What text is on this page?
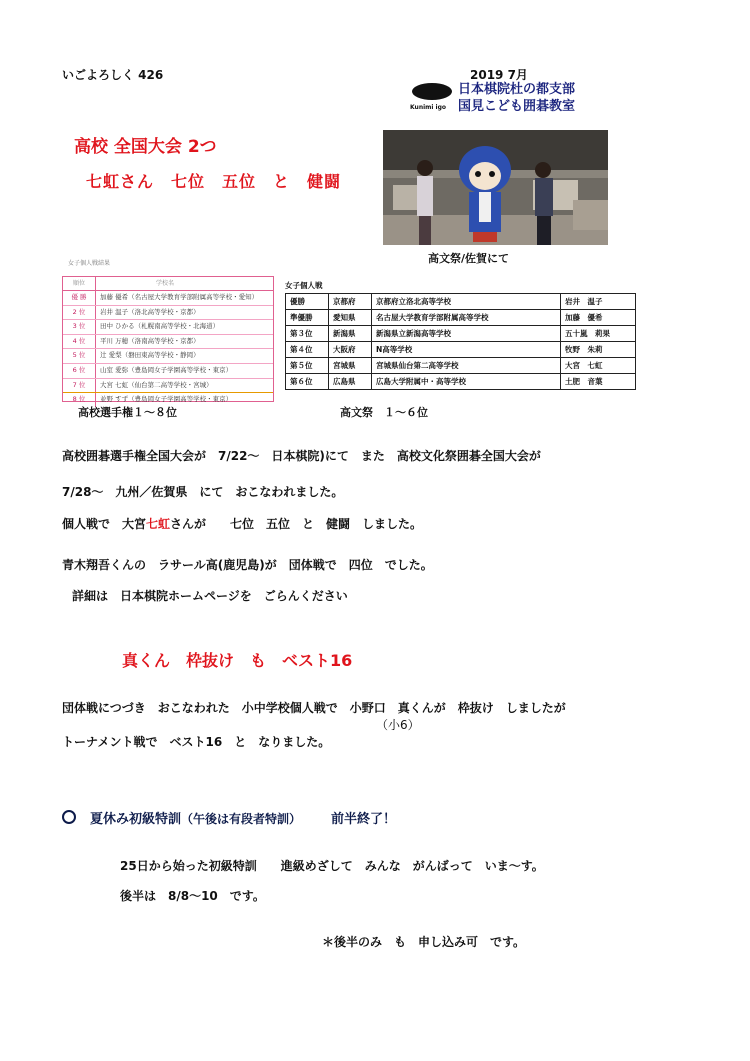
いごよろしく 426	2019 7月
Kunimi igo
日本棋院杜の都支部
国見こども囲碁教室
高校 全国大会 2つ
七虹さん　七位　五位　と　健闘
高文祭/佐賀にて
女子個人戦結果
順位	学校名
優 勝	加藤 優希（名古屋大学教育学部附属高等学校・愛知）
2 位	岩井 温子（洛北高等学校・京都）
3 位	田中 ひかる（札幌南高等学校・北海道）
4 位	平川 万穂（洛南高等学校・京都）
5 位	辻 愛梨（磐田東高等学校・静岡）
6 位	山室 愛弥（豊島岡女子学園高等学校・東京）
7 位	大宮 七虹（仙台第二高等学校・宮城）
8 位	並野 すず（豊島岡女子学園高等学校・東京）
高校選手権１～８位
女子個人戦
優勝	京都府	京都府立洛北高等学校	岩井　温子
準優勝	愛知県	名古屋大学教育学部附属高等学校	加藤　優希
第３位	新潟県	新潟県立新潟高等学校	五十嵐　莉果
第４位	大阪府	N高等学校	牧野　朱莉
第５位	宮城県	宮城県仙台第二高等学校	大宮　七虹
第６位	広島県	広島大学附属中・高等学校	土肥　音葉
高文祭　１～６位
高校囲碁選手権全国大会が　7/22～　日本棋院)にて　また　高校文化祭囲碁全国大会が
7/28～　九州／佐賀県　にて　おこなわれました。
個人戦で　大宮七虹さんが　　七位　五位　と　健闘　しました。
青木翔吾くんの　ラサール高(鹿児島)が　団体戦で　四位　でした。
詳細は　日本棋院ホームページを　ごらんください
真くん　枠抜け　も　ベスト16
団体戦につづき　おこなわれた　小中学校個人戦で　小野口　真くんが　枠抜け　しましたが
（小6）
トーナメント戦で　ベスト16　と　なりました。
夏休み初級特訓（午後は有段者特訓） 前半終了！
25日から始った初級特訓　　進級めざして　みんな　がんばって　いま～す。
後半は　8/8～10　です。
＊後半のみ　も　申し込み可　です。
